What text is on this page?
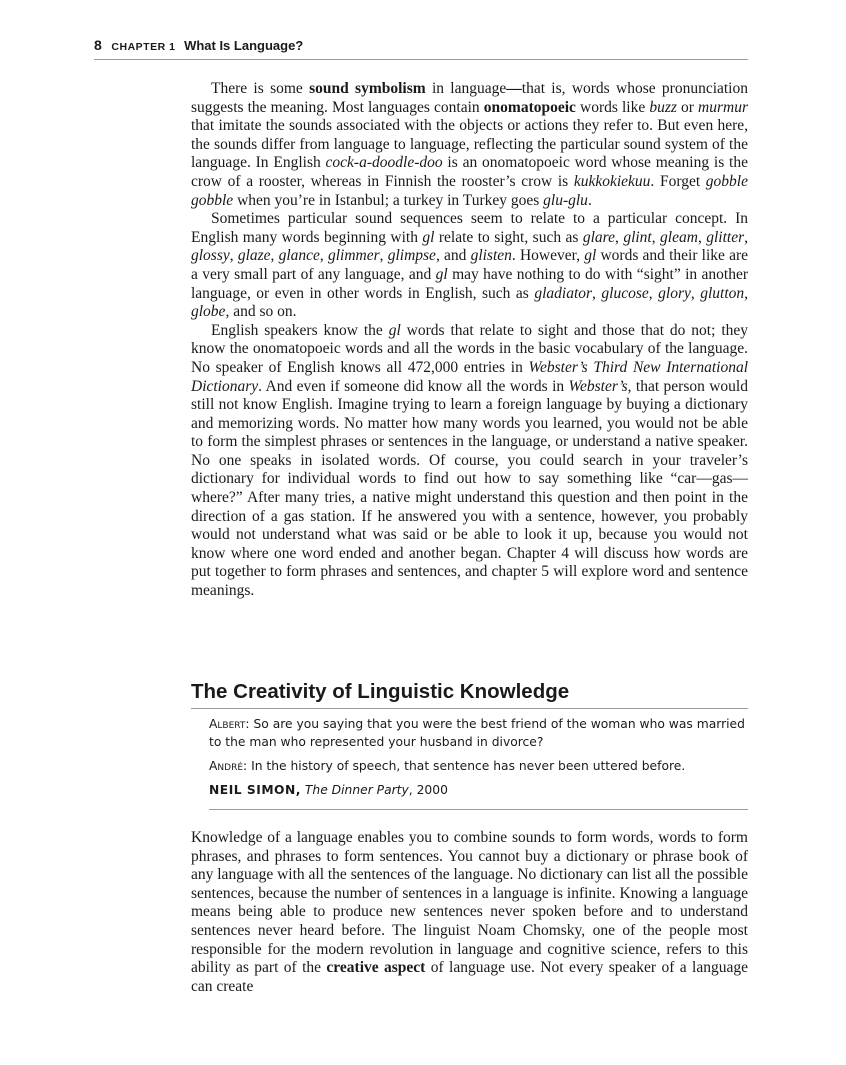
8 CHAPTER 1 What Is Language?

There is some sound symbolism in language—that is, words whose pronunciation suggests the meaning. Most languages contain onomatopoeic words like buzz or murmur that imitate the sounds associated with the objects or actions they refer to. But even here, the sounds differ from language to language, reflecting the particular sound system of the language. In English cock-a-doodle-doo is an onomatopoeic word whose meaning is the crow of a rooster, whereas in Finnish the rooster’s crow is kukkokiekuu. Forget gobble gobble when you’re in Istanbul; a turkey in Turkey goes glu-glu.

Sometimes particular sound sequences seem to relate to a particular concept. In English many words beginning with gl relate to sight, such as glare, glint, gleam, glitter, glossy, glaze, glance, glimmer, glimpse, and glisten. However, gl words and their like are a very small part of any language, and gl may have nothing to do with “sight” in another language, or even in other words in English, such as gladiator, glucose, glory, glutton, globe, and so on.

English speakers know the gl words that relate to sight and those that do not; they know the onomatopoeic words and all the words in the basic vocabulary of the language. No speaker of English knows all 472,000 entries in Webster’s Third New International Dictionary. And even if someone did know all the words in Webster’s, that person would still not know English. Imagine trying to learn a foreign language by buying a dictionary and memorizing words. No matter how many words you learned, you would not be able to form the simplest phrases or sentences in the language, or understand a native speaker. No one speaks in isolated words. Of course, you could search in your traveler’s dictionary for individual words to find out how to say something like “car—gas—where?” After many tries, a native might understand this question and then point in the direction of a gas station. If he answered you with a sentence, however, you probably would not understand what was said or be able to look it up, because you would not know where one word ended and another began. Chapter 4 will discuss how words are put together to form phrases and sentences, and chapter 5 will explore word and sentence meanings.

The Creativity of Linguistic Knowledge

Albert: So are you saying that you were the best friend of the woman who was married to the man who represented your husband in divorce?

André: In the history of speech, that sentence has never been uttered before.

NEIL SIMON, The Dinner Party, 2000

Knowledge of a language enables you to combine sounds to form words, words to form phrases, and phrases to form sentences. You cannot buy a dictionary or phrase book of any language with all the sentences of the language. No dictionary can list all the possible sentences, because the number of sentences in a language is infinite. Knowing a language means being able to produce new sentences never spoken before and to understand sentences never heard before. The linguist Noam Chomsky, one of the people most responsible for the modern revolution in language and cognitive science, refers to this ability as part of the creative aspect of language use. Not every speaker of a language can create
